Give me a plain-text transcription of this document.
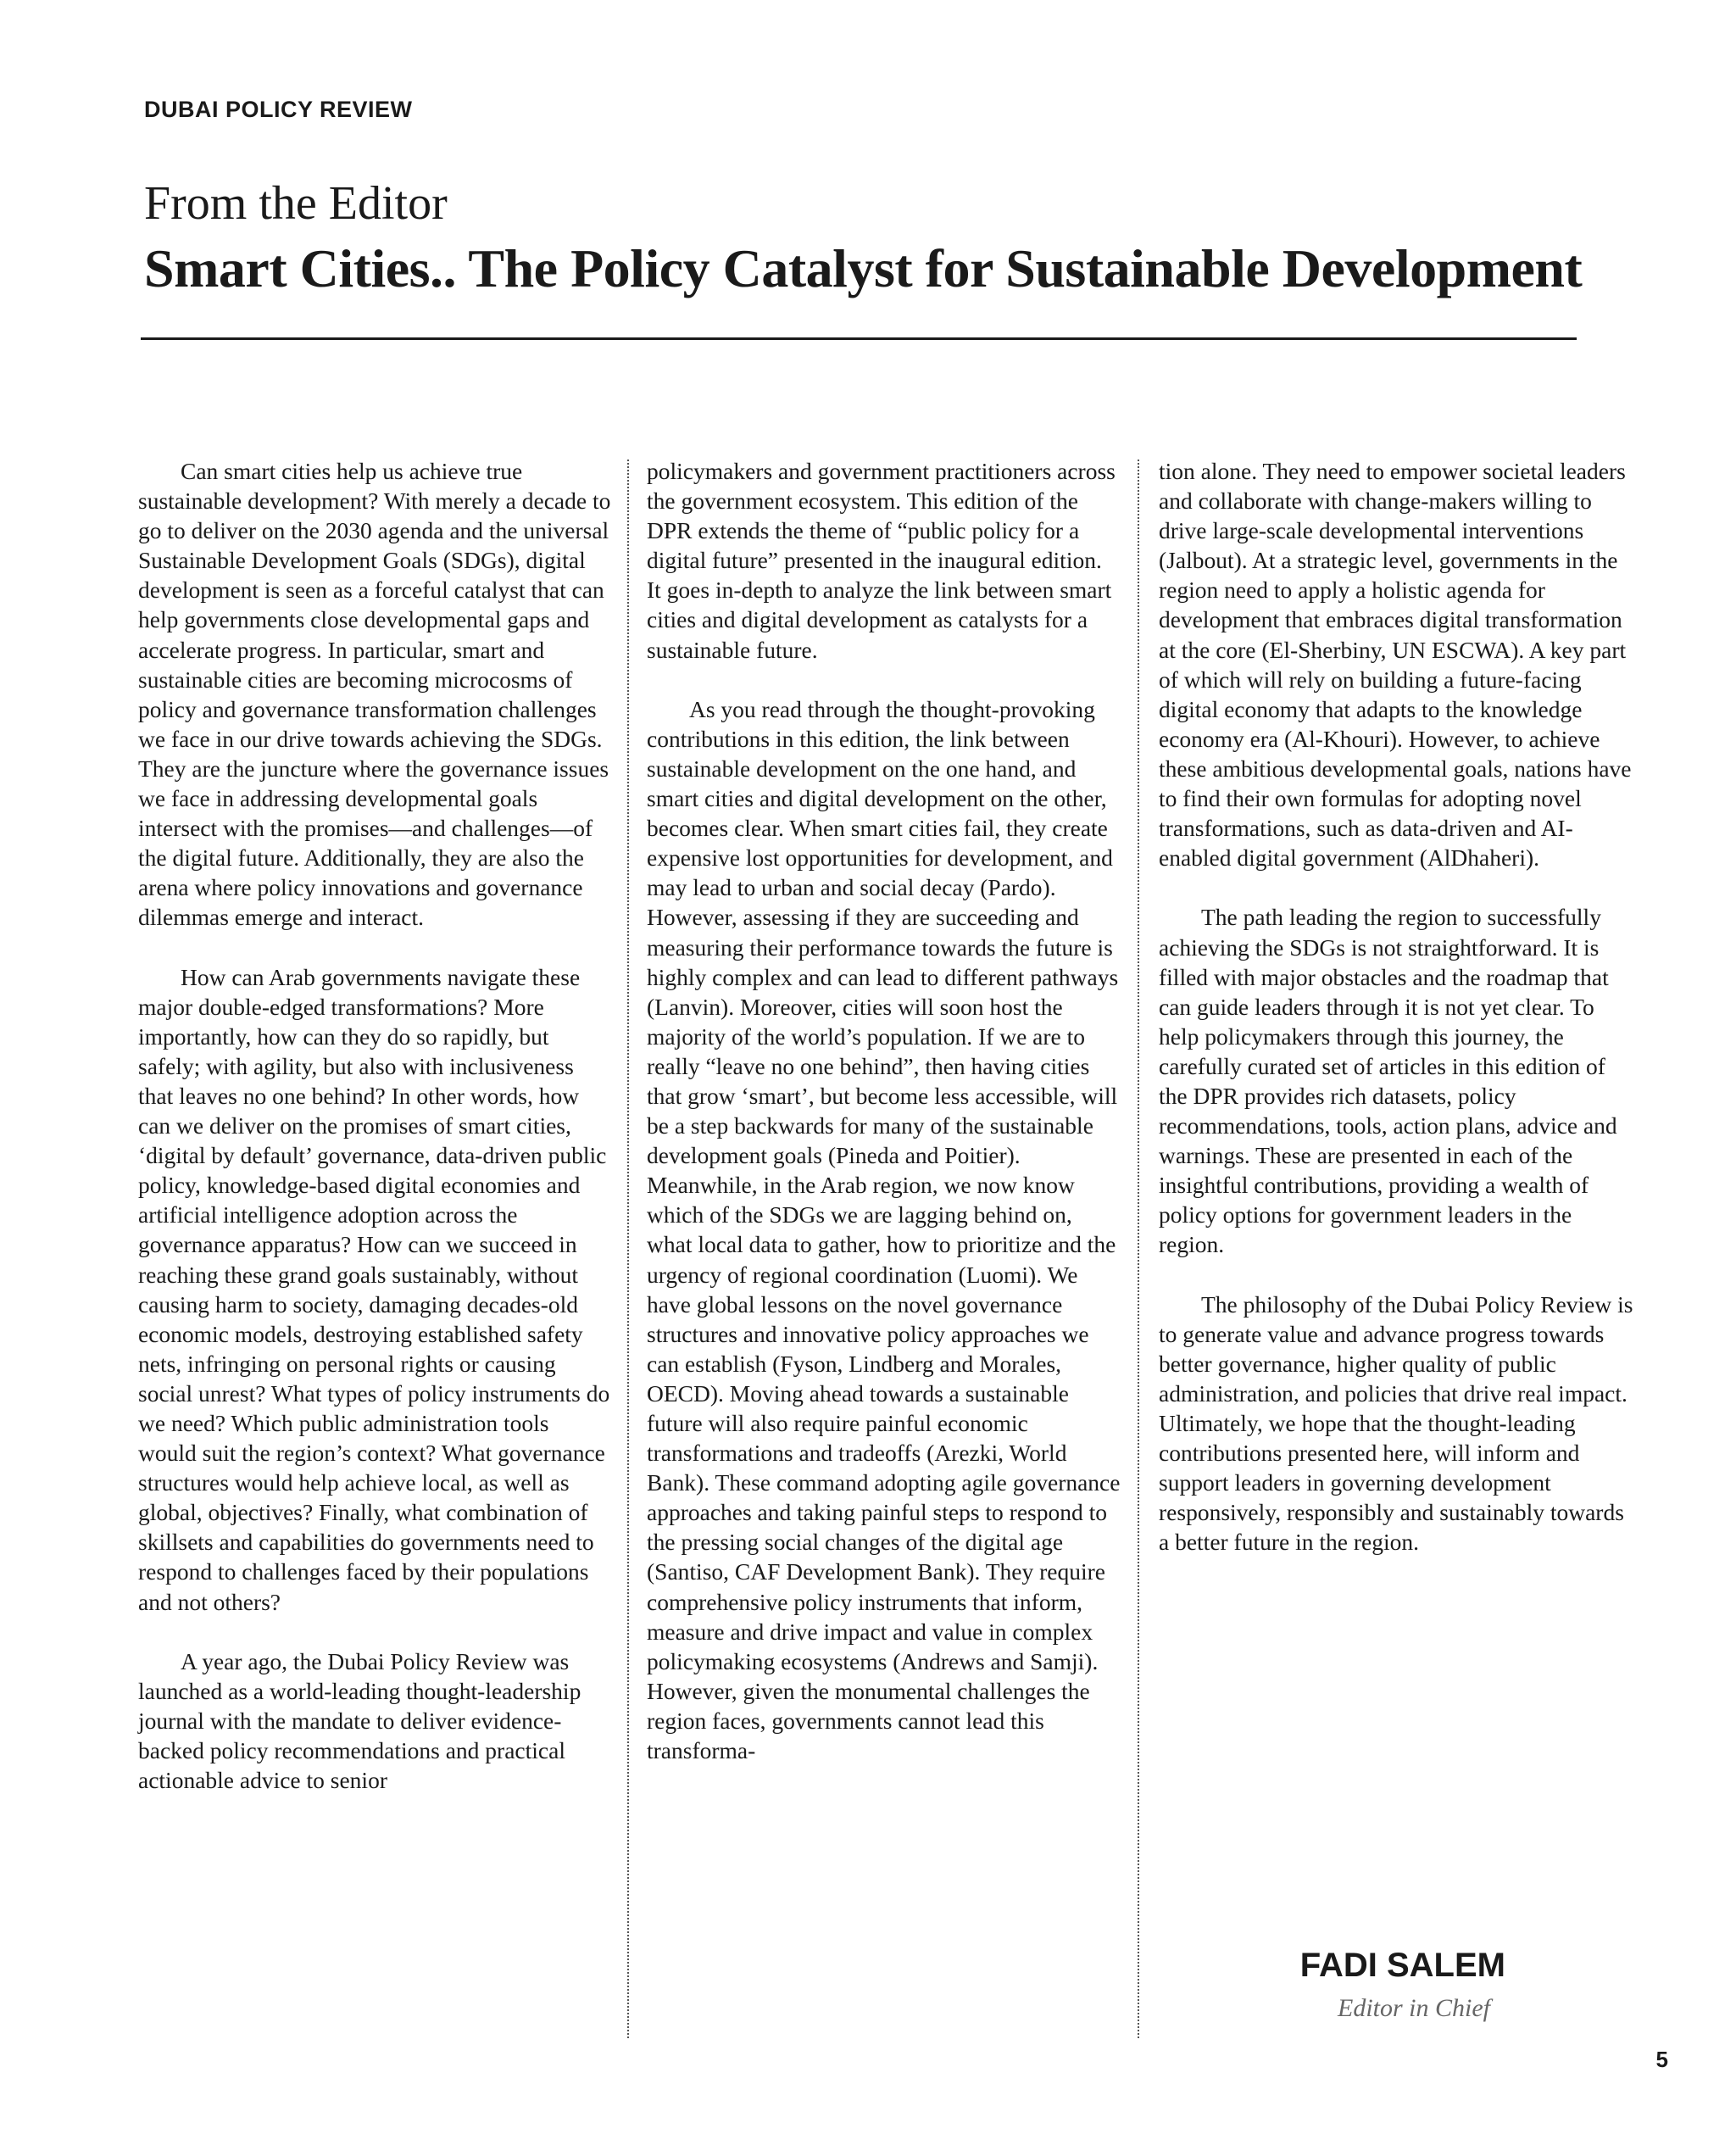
DUBAI POLICY REVIEW
From the Editor
Smart Cities.. The Policy Catalyst for Sustainable Development

Can smart cities help us achieve true sustainable development? With merely a decade to go to deliver on the 2030 agenda and the universal Sustainable Development Goals (SDGs), digital development is seen as a forceful catalyst that can help governments close developmental gaps and accelerate progress. In particular, smart and sustainable cities are becoming microcosms of policy and governance transformation challenges we face in our drive towards achieving the SDGs. They are the juncture where the governance issues we face in addressing developmental goals intersect with the promises—and challenges—of the digital future. Additionally, they are also the arena where policy innovations and governance dilemmas emerge and interact.

How can Arab governments navigate these major double-edged transformations? More importantly, how can they do so rapidly, but safely; with agility, but also with inclusiveness that leaves no one behind? In other words, how can we deliver on the promises of smart cities, ‘digital by default’ governance, data-driven public policy, knowledge-based digital economies and artificial intelligence adoption across the governance apparatus? How can we succeed in reaching these grand goals sustainably, without causing harm to society, damaging decades-old economic models, destroying established safety nets, infringing on personal rights or causing social unrest? What types of policy instruments do we need? Which public administration tools would suit the region’s context? What governance structures would help achieve local, as well as global, objectives? Finally, what combination of skillsets and capabilities do governments need to respond to challenges faced by their populations and not others?

A year ago, the Dubai Policy Review was launched as a world-leading thought-leadership journal with the mandate to deliver evidence-backed policy recommendations and practical actionable advice to senior

policymakers and government practitioners across the government ecosystem. This edition of the DPR extends the theme of “public policy for a digital future” presented in the inaugural edition. It goes in-depth to analyze the link between smart cities and digital development as catalysts for a sustainable future.

As you read through the thought-provoking contributions in this edition, the link between sustainable development on the one hand, and smart cities and digital development on the other, becomes clear. When smart cities fail, they create expensive lost opportunities for development, and may lead to urban and social decay (Pardo). However, assessing if they are succeeding and measuring their performance towards the future is highly complex and can lead to different pathways (Lanvin). Moreover, cities will soon host the majority of the world’s population. If we are to really “leave no one behind”, then having cities that grow ‘smart’, but become less accessible, will be a step backwards for many of the sustainable development goals (Pineda and Poitier). Meanwhile, in the Arab region, we now know which of the SDGs we are lagging behind on, what local data to gather, how to prioritize and the urgency of regional coordination (Luomi). We have global lessons on the novel governance structures and innovative policy approaches we can establish (Fyson, Lindberg and Morales, OECD). Moving ahead towards a sustainable future will also require painful economic transformations and tradeoffs (Arezki, World Bank). These command adopting agile governance approaches and taking painful steps to respond to the pressing social changes of the digital age (Santiso, CAF Development Bank). They require comprehensive policy instruments that inform, measure and drive impact and value in complex policymaking ecosystems (Andrews and Samji). However, given the monumental challenges the region faces, governments cannot lead this transforma-

tion alone. They need to empower societal leaders and collaborate with change-makers willing to drive large-scale developmental interventions (Jalbout). At a strategic level, governments in the region need to apply a holistic agenda for development that embraces digital transformation at the core (El-Sherbiny, UN ESCWA). A key part of which will rely on building a future-facing digital economy that adapts to the knowledge economy era (Al-Khouri). However, to achieve these ambitious developmental goals, nations have to find their own formulas for adopting novel transformations, such as data-driven and AI-enabled digital government (AlDhaheri).

The path leading the region to successfully achieving the SDGs is not straightforward. It is filled with major obstacles and the roadmap that can guide leaders through it is not yet clear. To help policymakers through this journey, the carefully curated set of articles in this edition of the DPR provides rich datasets, policy recommendations, tools, action plans, advice and warnings. These are presented in each of the insightful contributions, providing a wealth of policy options for government leaders in the region.

The philosophy of the Dubai Policy Review is to generate value and advance progress towards better governance, higher quality of public administration, and policies that drive real impact. Ultimately, we hope that the thought-leading contributions presented here, will inform and support leaders in governing development responsively, responsibly and sustainably towards a better future in the region.

FADI SALEM
Editor in Chief
5
